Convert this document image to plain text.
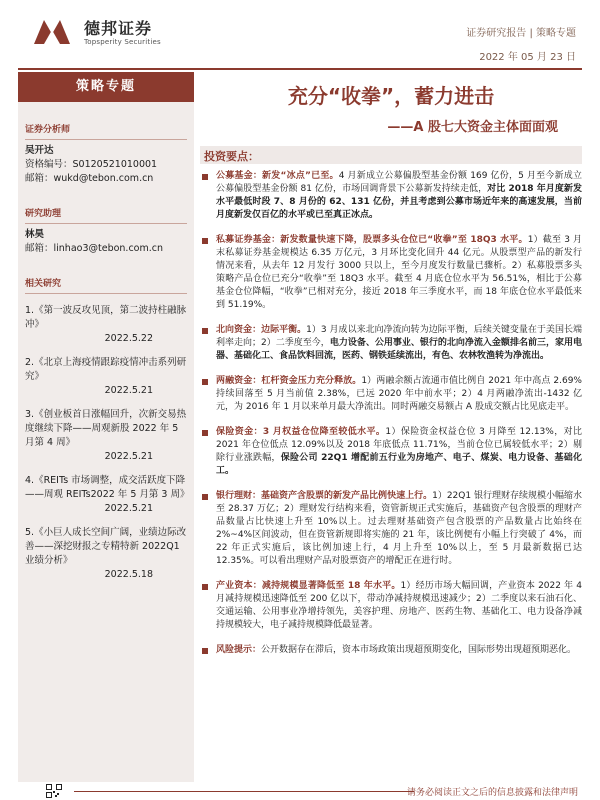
德邦证券
Topsperity Securities
证券研究报告 | 策略专题
2022 年 05 月 23 日
策略专题
证券分析师
吴开达
资格编号：S0120521010001
邮箱：wukd@tebon.com.cn
研究助理
林昊
邮箱：linhao3@tebon.com.cn
相关研究
1.《第一波反攻见顶，第二波持柱融脉冲》
2022.5.22
2.《北京上海疫情跟踪疫情冲击系列研究》
2022.5.21
3.《创业板首日涨幅回升，次新交易热度继续下降——周观新股 2022 年 5 月第 4 周》
2022.5.21
4.《REITs 市场调整，成交活跃度下降——周观 REITs2022 年 5 月第 3 周》
2022.5.21
5.《小巨人成长空间广阔，业绩边际改善——深挖财报之专精特新 2022Q1 业绩分析》
2022.5.18
充分“收拳”，蓄力进击
——A 股七大资金主体面面观
投资要点：
公募基金：新发“冰点”已至。4 月新成立公募偏股型基金份额 169 亿份，5 月至今新成立公募偏股型基金份额 81 亿份，市场回调背景下公募新发持续走低，对比 2018 年月度新发水平最低时段 7、8 月份的 62、131 亿份，并且考虑到公募市场近年来的高速发展，当前月度新发仅百亿的水平或已至真正冰点。
私募证券基金：新发数量快速下降，股票多头仓位已“收拳”至 18Q3 水平。1）截至 3 月末私募证券基金规模达 6.35 万亿元，3 月环比变化回升 44 亿元。从股票型产品的新发行情况来看，从去年 12 月发行 3000 只以上，至今月度发行数量已骤析。2）私募股票多头策略产品仓位已充分“收拳”至 18Q3 水平。截至 4 月底仓位水平为 56.51%，相比于公募基金仓位降幅，“收拳”已相对充分，接近 2018 年三季度水平，而 18 年底仓位水平最低来到 51.19%。
北向资金：边际平衡。1）3 月成以来北向净流向转为边际平衡，后续关键变量在于美国长端利率走向；2）二季度至今，电力设备、公用事业、银行的北向净流入金额排名前三，家用电器、基础化工、食品饮料回流，医药、钢铁延续流出，有色、农林牧渔转为净流出。
两融资金：杠杆资金压力充分释放。1）两融余额占流通市值比例自 2021 年中高点 2.69%持续回落至 5 月当前值 2.38%，已远 2020 年中前水平；2）4 月两融净流出-1432 亿元，为 2016 年 1 月以来单月最大净流出。同时两融交易额占 A 股成交额占比见底走平。
保险资金：3 月权益仓位降至较低水平。1）保险资金权益仓位 3 月降至 12.13%，对比 2021 年仓位低点 12.09%以及 2018 年底低点 11.71%，当前仓位已属较低水平；2）剔除行业涨跌幅，保险公司 22Q1 增配前五行业为房地产、电子、煤炭、电力设备、基础化工。
银行理财：基础资产含股票的新发产品比例快速上行。1）22Q1 银行理财存续规模小幅缩水至 28.37 万亿；2）理财发行结构来看，资管新规正式实施后，基础资产包含股票的理财产品数量占比快速上升至 10%以上。过去理财基础资产包含股票的产品数量占比始终在 2%~4%区间波动，但在资管新规即将实施的 21 年，该比例便有小幅上行突破了 4%，而 22 年正式实施后，该比例加速上行，4 月上升至 10%以上，至 5 月最新数据已达 12.35%。可以看出理财产品对股票资产的增配正在进行时。
产业资本：减持规模显著降低至 18 年水平。1）经历市场大幅回调，产业资本 2022 年 4 月减持规模迅速降低至 200 亿以下，带动净减持规模迅速减少；2）二季度以来石油石化、交通运输、公用事业净增持领先，美容护理、房地产、医药生物、基础化工、电力设备净减持规模较大，电子减持规模降低最显著。
风险提示：公开数据存在滞后，资本市场政策出现超预期变化，国际形势出现超预期恶化。
请务必阅读正文之后的信息披露和法律声明
